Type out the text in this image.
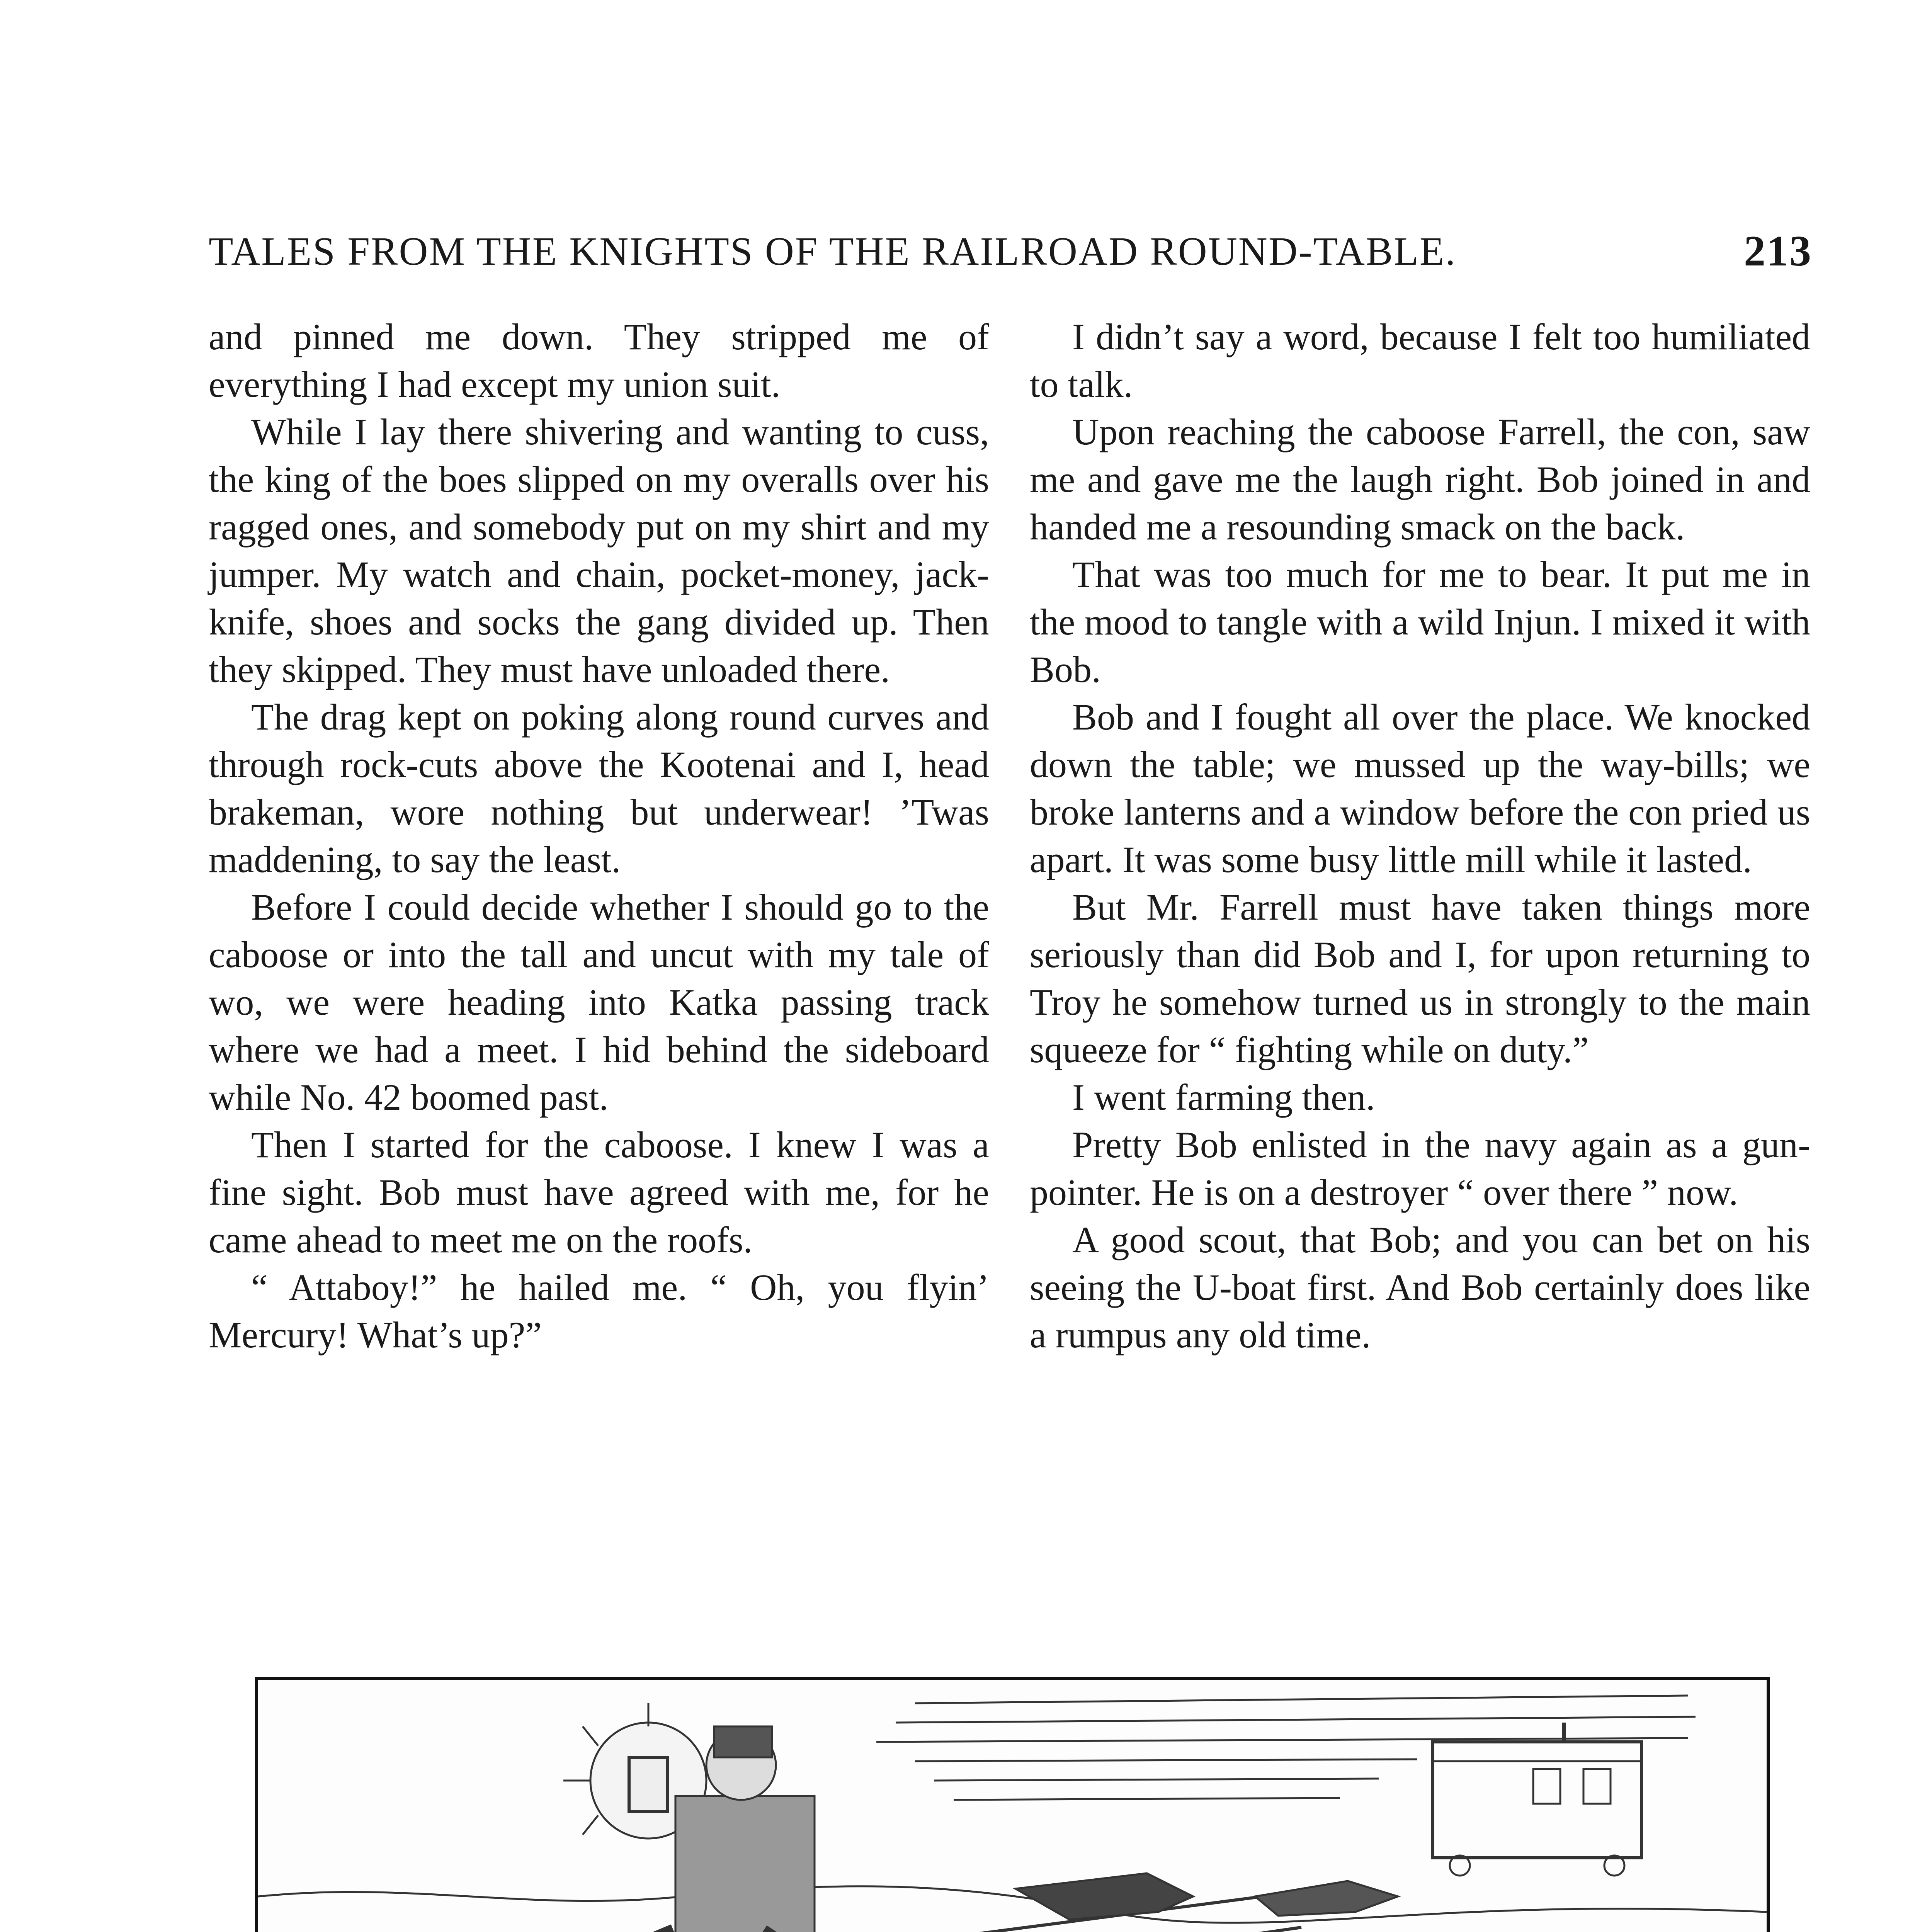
TALES FROM THE KNIGHTS OF THE RAILROAD ROUND-TABLE.	213

and pinned me down. They stripped me of everything I had except my union suit.

While I lay there shivering and wanting to cuss, the king of the boes slipped on my overalls over his ragged ones, and somebody put on my shirt and my jumper. My watch and chain, pocket-money, jack-knife, shoes and socks the gang divided up. Then they skipped. They must have unloaded there.

The drag kept on poking along round curves and through rock-cuts above the Kootenai and I, head brakeman, wore nothing but underwear! ’Twas maddening, to say the least.

Before I could decide whether I should go to the caboose or into the tall and uncut with my tale of wo, we were heading into Katka passing track where we had a meet. I hid behind the sideboard while No. 42 boomed past.

Then I started for the caboose. I knew I was a fine sight. Bob must have agreed with me, for he came ahead to meet me on the roofs.

“ Attaboy!” he hailed me. “ Oh, you flyin’ Mercury! What’s up?”

I didn’t say a word, because I felt too humiliated to talk.

Upon reaching the caboose Farrell, the con, saw me and gave me the laugh right. Bob joined in and handed me a resounding smack on the back.

That was too much for me to bear. It put me in the mood to tangle with a wild Injun. I mixed it with Bob.

Bob and I fought all over the place. We knocked down the table; we mussed up the way-bills; we broke lanterns and a window before the con pried us apart. It was some busy little mill while it lasted.

But Mr. Farrell must have taken things more seriously than did Bob and I, for upon returning to Troy he somehow turned us in strongly to the main squeeze for “ fighting while on duty.”

I went farming then.

Pretty Bob enlisted in the navy again as a gun-pointer. He is on a destroyer “ over there ” now.

A good scout, that Bob; and you can bet on his seeing the U-boat first. And Bob certainly does like a rumpus any old time.
